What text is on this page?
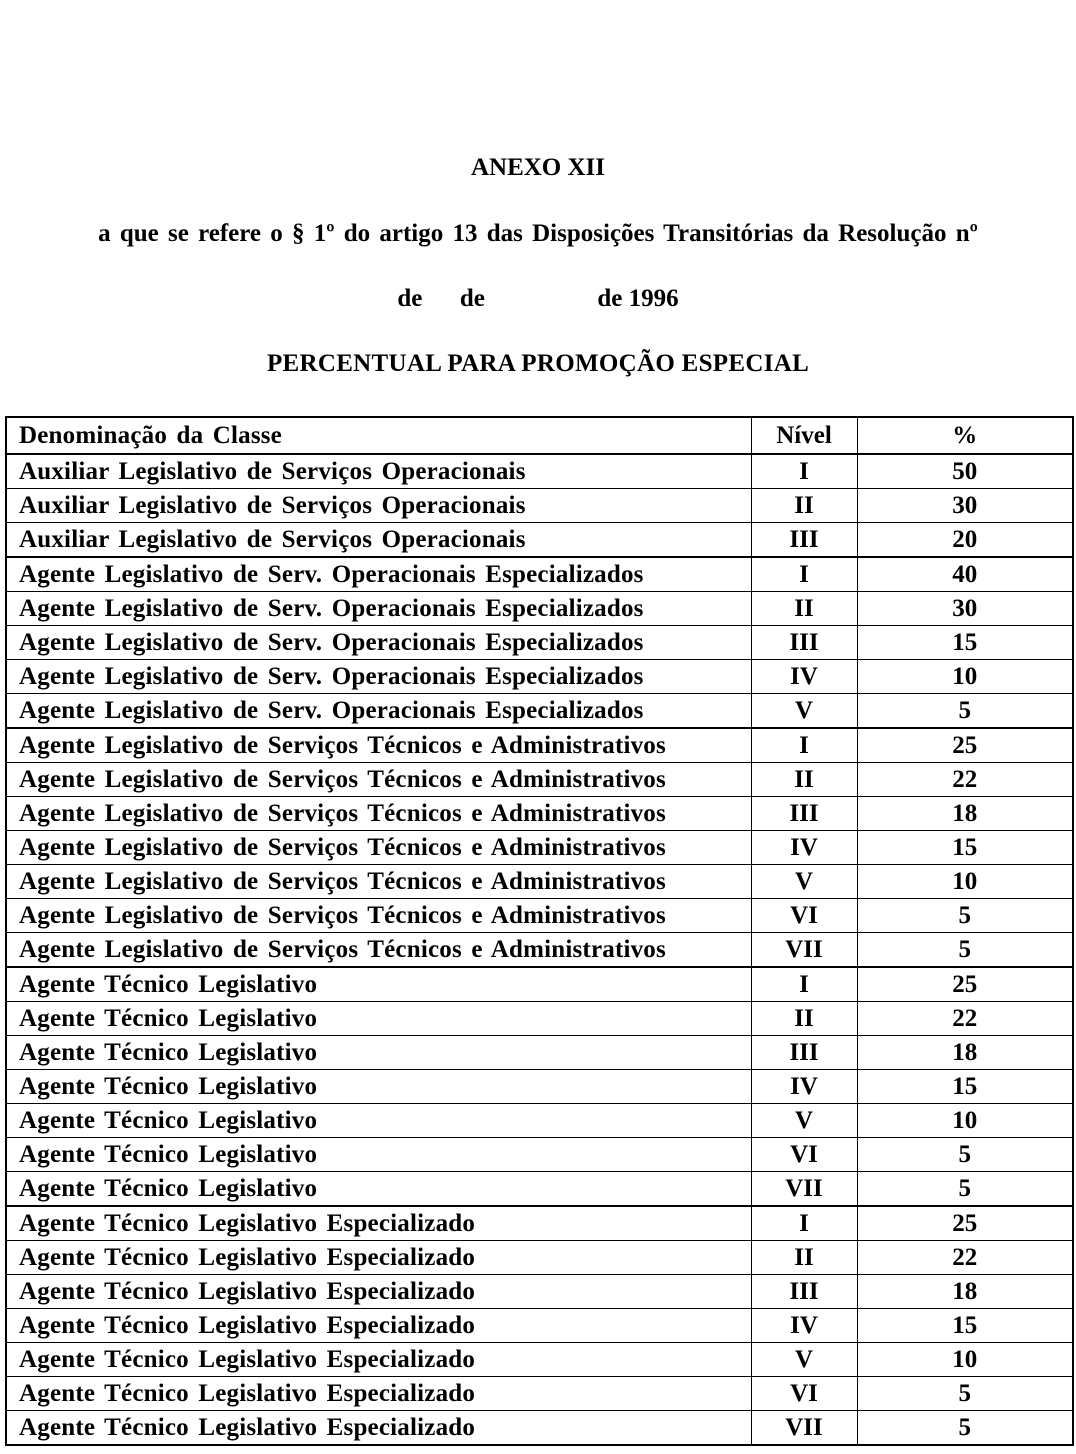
ANEXO XII
a que se refere o § 1º do artigo 13 das Disposições Transitórias da Resolução nº
de      de                  de 1996
PERCENTUAL PARA PROMOÇÃO ESPECIAL
Denominação da Classe	Nível	%
Auxiliar Legislativo de Serviços Operacionais	I	50
Auxiliar Legislativo de Serviços Operacionais	II	30
Auxiliar Legislativo de Serviços Operacionais	III	20
Agente Legislativo de Serv. Operacionais Especializados	I	40
Agente Legislativo de Serv. Operacionais Especializados	II	30
Agente Legislativo de Serv. Operacionais Especializados	III	15
Agente Legislativo de Serv. Operacionais Especializados	IV	10
Agente Legislativo de Serv. Operacionais Especializados	V	5
Agente Legislativo de Serviços Técnicos e Administrativos	I	25
Agente Legislativo de Serviços Técnicos e Administrativos	II	22
Agente Legislativo de Serviços Técnicos e Administrativos	III	18
Agente Legislativo de Serviços Técnicos e Administrativos	IV	15
Agente Legislativo de Serviços Técnicos e Administrativos	V	10
Agente Legislativo de Serviços Técnicos e Administrativos	VI	5
Agente Legislativo de Serviços Técnicos e Administrativos	VII	5
Agente Técnico Legislativo	I	25
Agente Técnico Legislativo	II	22
Agente Técnico Legislativo	III	18
Agente Técnico Legislativo	IV	15
Agente Técnico Legislativo	V	10
Agente Técnico Legislativo	VI	5
Agente Técnico Legislativo	VII	5
Agente Técnico Legislativo Especializado	I	25
Agente Técnico Legislativo Especializado	II	22
Agente Técnico Legislativo Especializado	III	18
Agente Técnico Legislativo Especializado	IV	15
Agente Técnico Legislativo Especializado	V	10
Agente Técnico Legislativo Especializado	VI	5
Agente Técnico Legislativo Especializado	VII	5
